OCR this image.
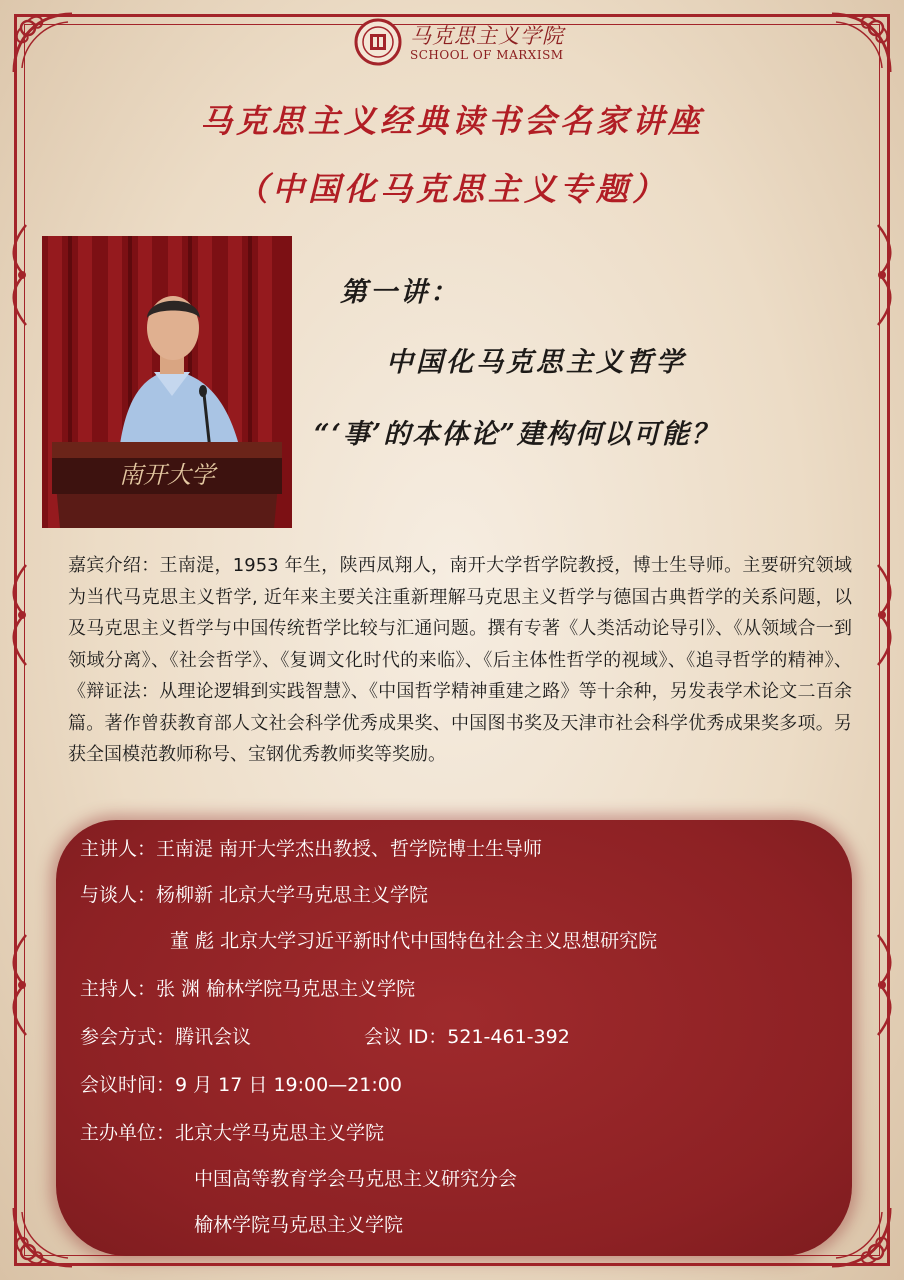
马克思主义学院
SCHOOL OF MARXISM
马克思主义经典读书会名家讲座
（中国化马克思主义专题）
南开大学
第一讲：
中国化马克思主义哲学
“‘事’的本体论”建构何以可能？
嘉宾介绍：王南湜，1953 年生，陕西凤翔人，南开大学哲学院教授，博士生导师。主要研究领域为当代马克思主义哲学, 近年来主要关注重新理解马克思主义哲学与德国古典哲学的关系问题，以及马克思主义哲学与中国传统哲学比较与汇通问题。撰有专著《人类活动论导引》、《从领域合一到领域分离》、《社会哲学》、《复调文化时代的来临》、《后主体性哲学的视域》、《追寻哲学的精神》、《辩证法：从理论逻辑到实践智慧》、《中国哲学精神重建之路》等十余种，另发表学术论文二百余篇。著作曾获教育部人文社会科学优秀成果奖、中国图书奖及天津市社会科学优秀成果奖多项。另获全国模范教师称号、宝钢优秀教师奖等奖励。
主讲人：王南湜 南开大学杰出教授、哲学院博士生导师
与谈人：杨柳新 北京大学马克思主义学院
董 彪 北京大学习近平新时代中国特色社会主义思想研究院
主持人：张 渊 榆林学院马克思主义学院
参会方式：腾讯会议	会议 ID：521-461-392
会议时间：9 月 17 日 19:00—21:00
主办单位：北京大学马克思主义学院
中国高等教育学会马克思主义研究分会
榆林学院马克思主义学院
